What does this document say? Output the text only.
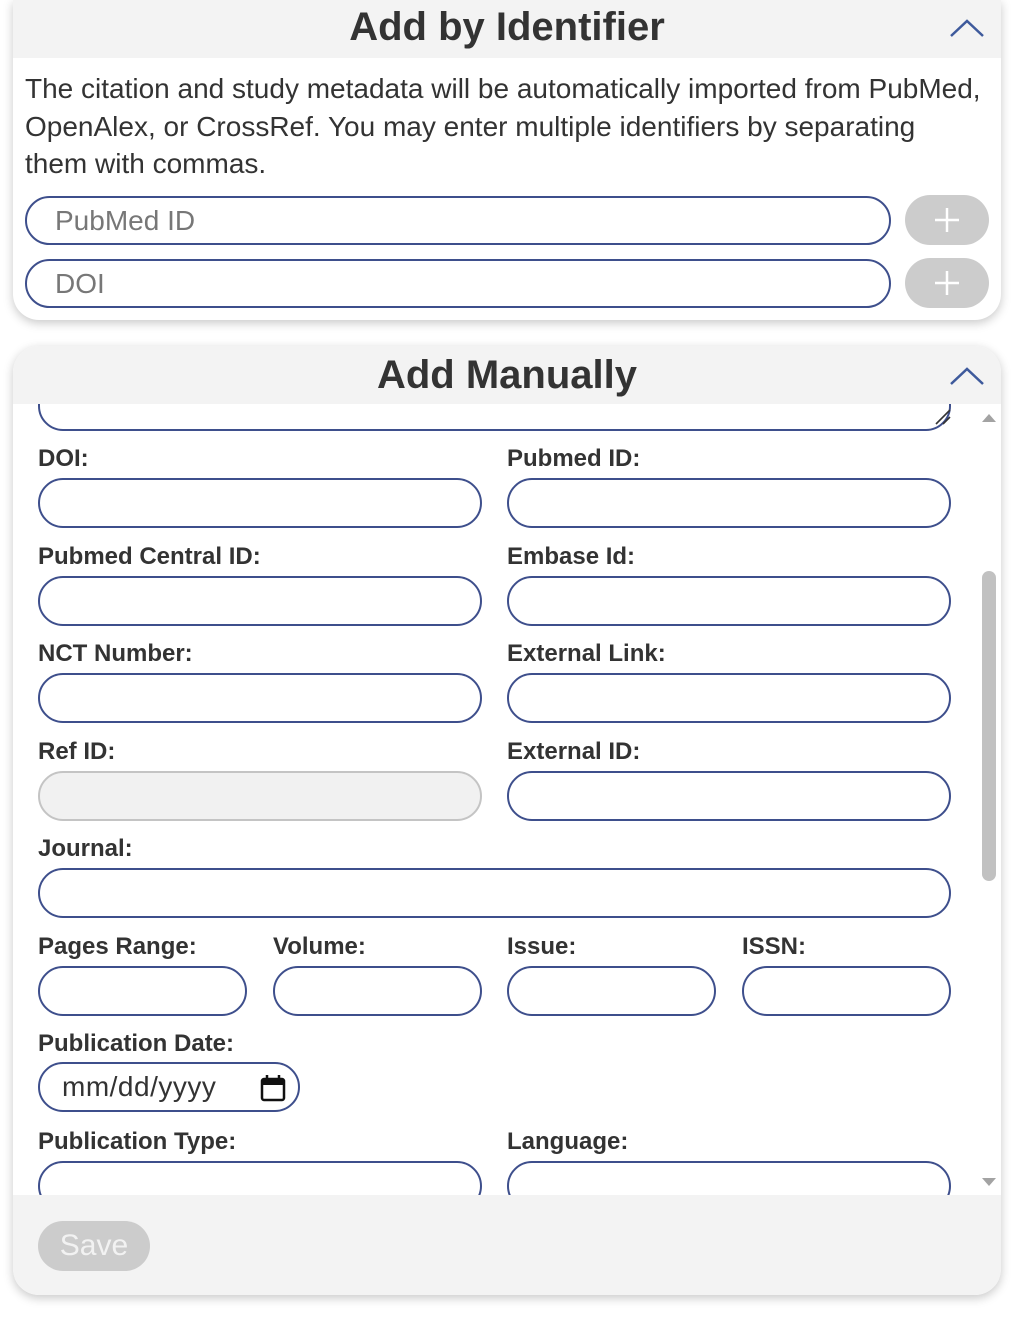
Add by Identifier
The citation and study metadata will be automatically imported from PubMed, OpenAlex, or CrossRef. You may enter multiple identifiers by separating them with commas.
PubMed ID
DOI
Add Manually
DOI:	Pubmed ID:
Pubmed Central ID:	Embase Id:
NCT Number:	External Link:
Ref ID:	External ID:
Journal:
Pages Range:	Volume:	Issue:	ISSN:
Publication Date:
mm/dd/yyyy
Publication Type:	Language:
Save
